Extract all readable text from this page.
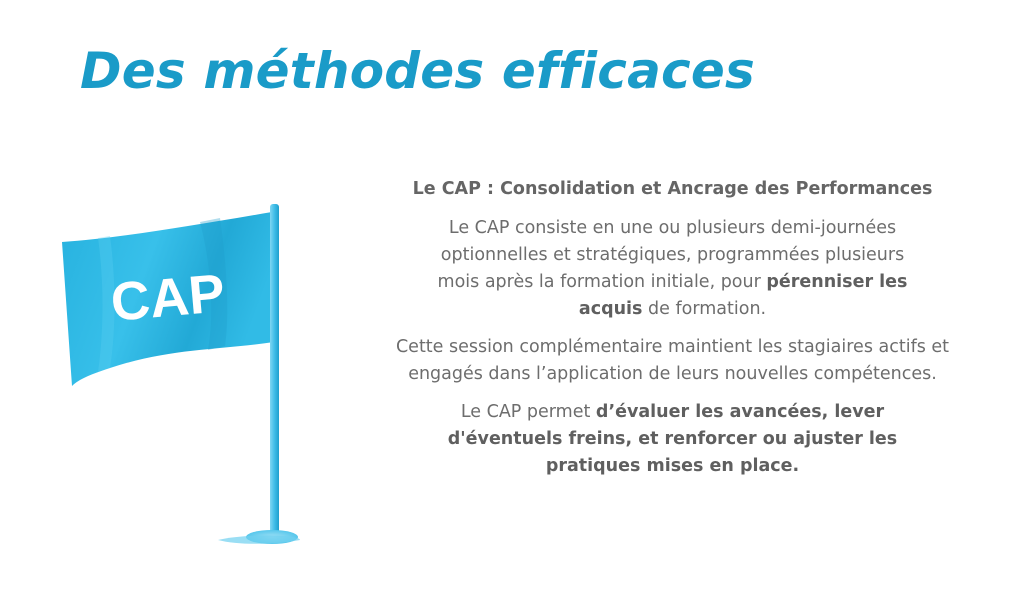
Des méthodes efficaces
CAP

Le CAP : Consolidation et Ancrage des Performances

Le CAP consiste en une ou plusieurs demi-journées optionnelles et stratégiques, programmées plusieurs mois après la formation initiale, pour pérenniser les acquis de formation.

Cette session complémentaire maintient les stagiaires actifs et engagés dans l’application de leurs nouvelles compétences.

Le CAP permet d’évaluer les avancées, lever d'éventuels freins, et renforcer ou ajuster les pratiques mises en place.
